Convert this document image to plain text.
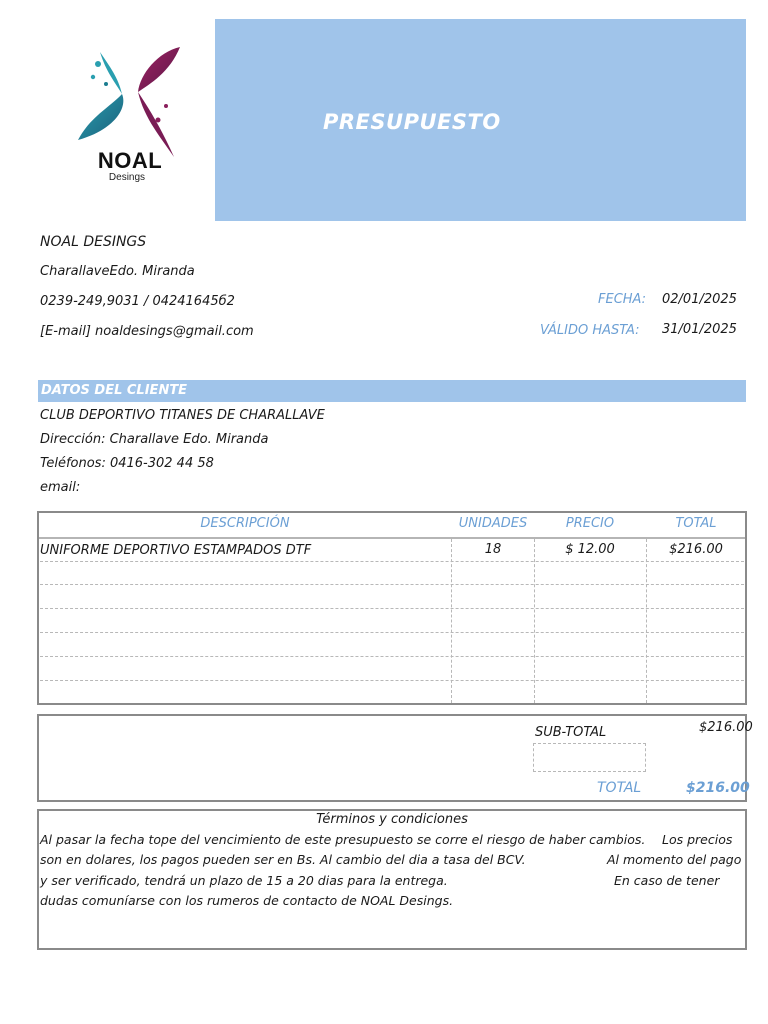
NOAL
Desings
PRESUPUESTO
NOAL DESINGS
CharallaveEdo. Miranda
0239-249,9031 / 04241645б2
[E-mail] noaldesings@gmail.com
FECHA: 02/01/2025
VÁLIDO HASTA: 31/01/2025
DATOS DEL CLIENTE
CLUB DEPORTIVO TITANES DE CHARALLAVE
Dirección: Charallave Edo. Miranda
Teléfonos: 0416-302 44 58
email:
DESCRIPCIÓN	UNIDADES	PRECIO	TOTAL
UNIFORME DEPORTIVO ESTAMPADOS DTF	18	$ 12.00	$216.00
SUB-TOTAL	$216.00
TOTAL	$216.00
Términos y condiciones
Al pasar la fecha tope del vencimiento de este presupuesto se corre el riesgo de haber cambios. Los precios
son en dolares, los pagos pueden ser en Bs. Al cambio del dia a tasa del BCV.	Al momento del pago
y ser verificado, tendrá un plazo de 15 a 20 dias para la entrega.	En caso de tener
dudas comuníarse con los rumeros de contacto de NOAL Desings.
